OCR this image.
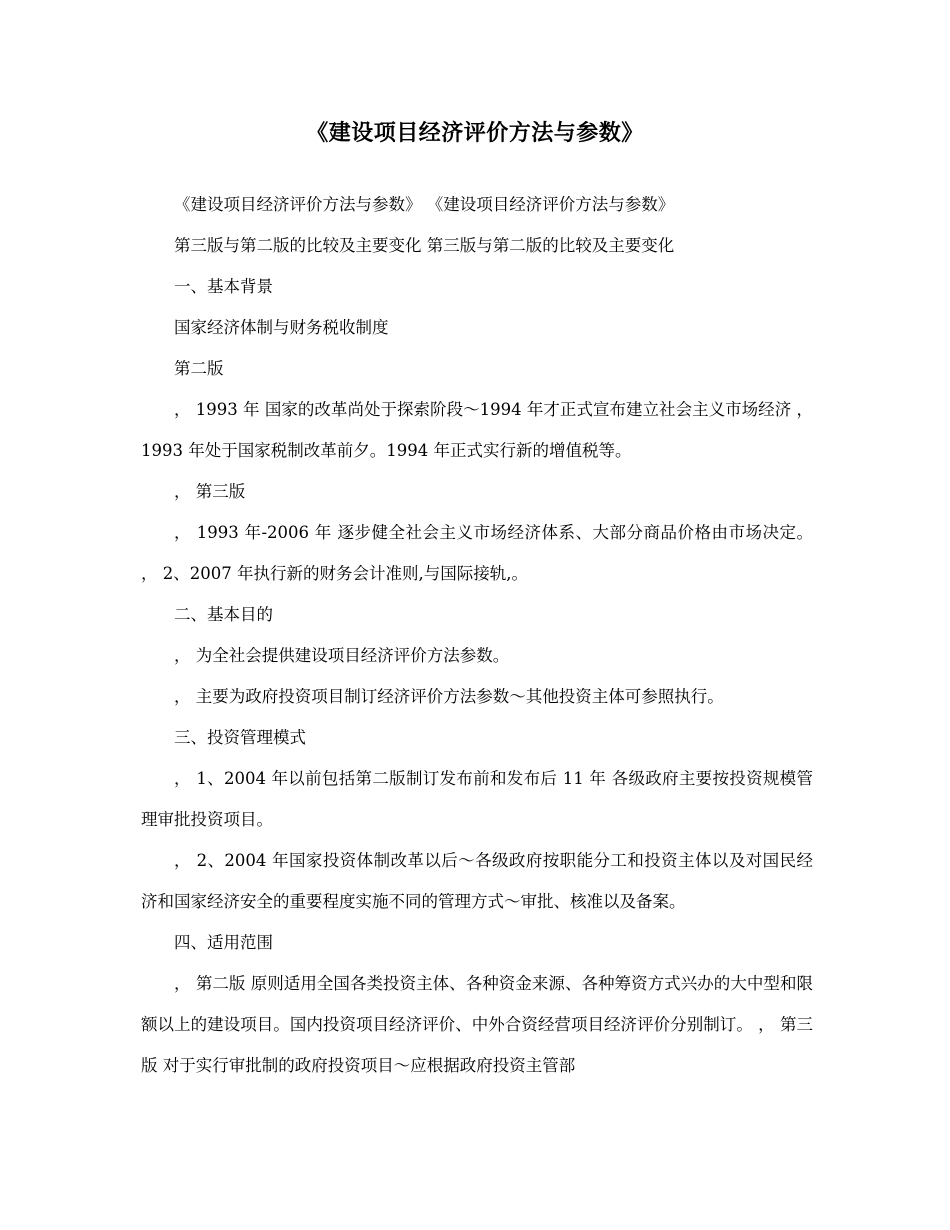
《建设项目经济评价方法与参数》

《建设项目经济评价方法与参数》 《建设项目经济评价方法与参数》

第三版与第二版的比较及主要变化 第三版与第二版的比较及主要变化

一、基本背景

国家经济体制与财务税收制度

第二版

， 1993 年 国家的改革尚处于探索阶段～1994 年才正式宣布建立社会主义市场经济 ， 1993 年处于国家税制改革前夕。1994 年正式实行新的增值税等。

， 第三版

， 1993 年-2006 年 逐步健全社会主义市场经济体系、大部分商品价格由市场决定。 ， 2、2007 年执行新的财务会计准则,与国际接轨,。

二、基本目的

， 为全社会提供建设项目经济评价方法参数。

， 主要为政府投资项目制订经济评价方法参数～其他投资主体可参照执行。

三、投资管理模式

， 1、2004 年以前包括第二版制订发布前和发布后 11 年 各级政府主要按投资规模管理审批投资项目。

， 2、2004 年国家投资体制改革以后～各级政府按职能分工和投资主体以及对国民经济和国家经济安全的重要程度实施不同的管理方式～审批、核准以及备案。

四、适用范围

， 第二版 原则适用全国各类投资主体、各种资金来源、各种筹资方式兴办的大中型和限额以上的建设项目。国内投资项目经济评价、中外合资经营项目经济评价分别制订。 ， 第三版 对于实行审批制的政府投资项目～应根据政府投资主管部
